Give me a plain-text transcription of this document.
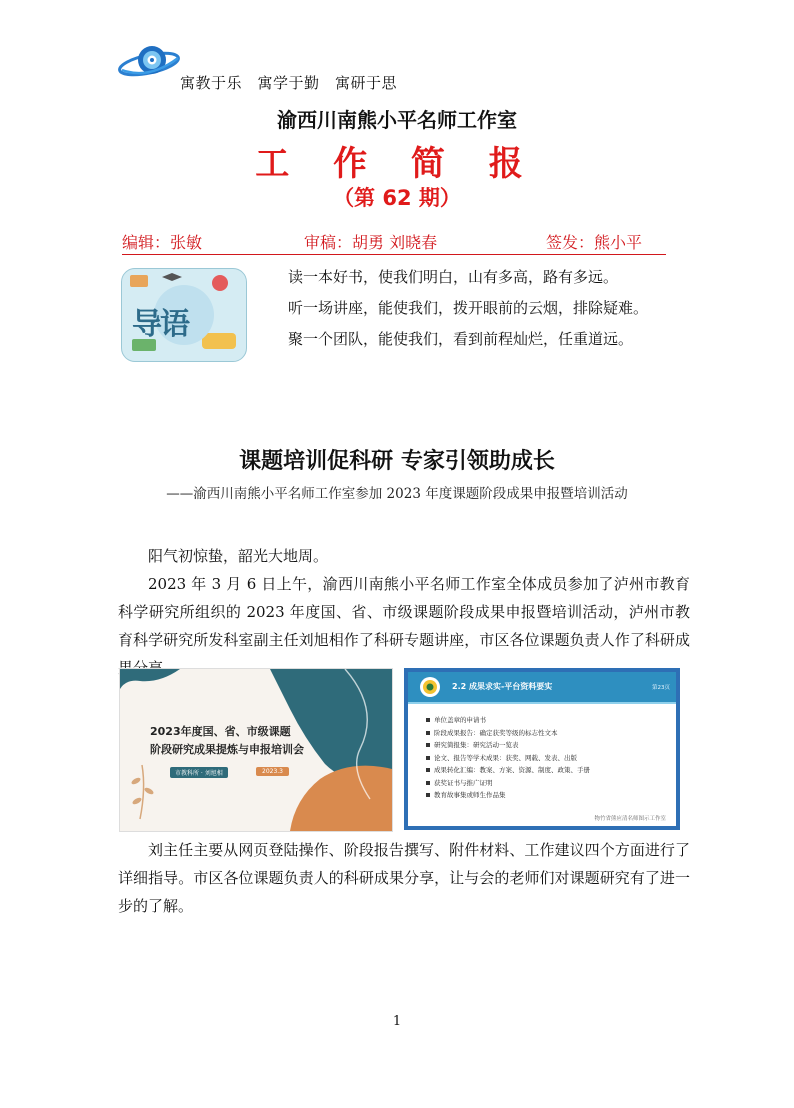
寓教于乐　寓学于勤　寓研于思
渝西川南熊小平名师工作室
工 作 简 报
（第 62 期）
编辑：张敏	审稿：胡勇 刘晓春	签发：熊小平
导语
读一本好书，使我们明白，山有多高，路有多远。
听一场讲座，能使我们，拨开眼前的云烟，排除疑难。
聚一个团队，能使我们，看到前程灿烂，任重道远。
课题培训促科研 专家引领助成长
——渝西川南熊小平名师工作室参加 2023 年度课题阶段成果申报暨培训活动
阳气初惊蛰，韶光大地周。
2023 年 3 月 6 日上午，渝西川南熊小平名师工作室全体成员参加了泸州市教育科学研究所组织的 2023 年度国、省、市级课题阶段成果申报暨培训活动，泸州市教育科学研究所发科室副主任刘旭相作了科研专题讲座，市区各位课题负责人作了科研成
2023年度国、省、市级课题
阶段研究成果提炼与申报培训会
市教科所 · 刘旭相	2023.3
2.2 成果求实-平台资料要实	第23页
单位盖章的申请书
阶段成果报告：确定获奖等级的标志性文本
研究简报集：研究活动一览表
论文、报告等学术成果：获奖、网载、发表、出版
成果转化汇编：教案、方案、资源、制度、政策、手册
获奖证书与推广证明
教育故事集或师生作品集
物竹省熊应清名师图示工作室
刘主任主要从网页登陆操作、阶段报告撰写、附件材料、工作建议四个方面进行了详细指导。市区各位课题负责人的科研成果分享，让与会的老师们对课题研究有了进一步的了解。
1
